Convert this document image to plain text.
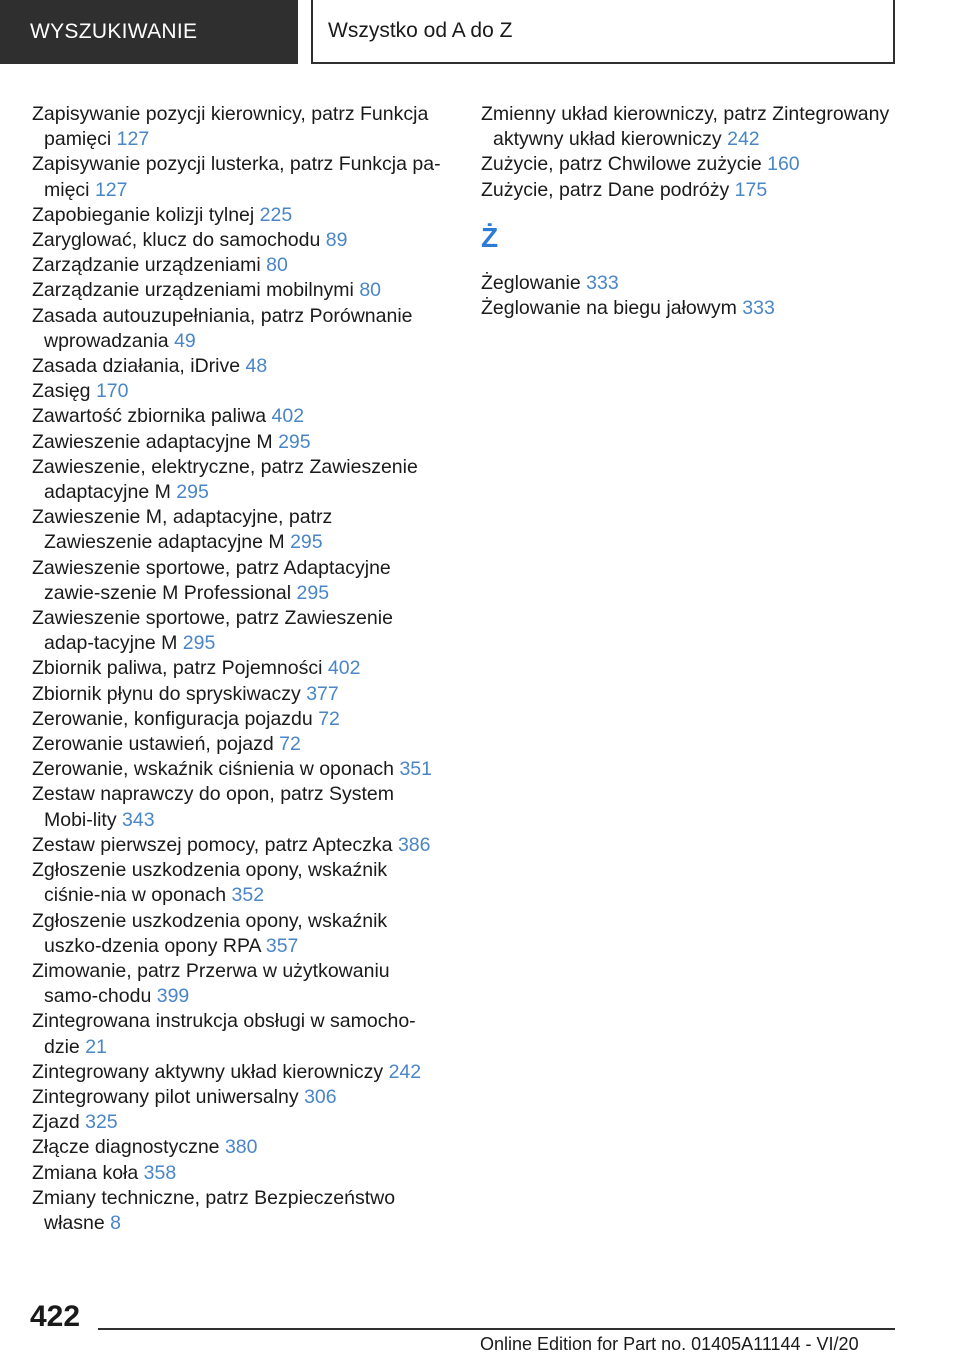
WYSZUKIWANIE	Wszystko od A do Z
Zapisywanie pozycji kierownicy, patrz Funkcja pamięci 127
Zapisywanie pozycji lusterka, patrz Funkcja pa-mięci 127
Zapobieganie kolizji tylnej 225
Zaryglować, klucz do samochodu 89
Zarządzanie urządzeniami 80
Zarządzanie urządzeniami mobilnymi 80
Zasada autouzupełniania, patrz Porównanie wprowadzania 49
Zasada działania, iDrive 48
Zasięg 170
Zawartość zbiornika paliwa 402
Zawieszenie adaptacyjne M 295
Zawieszenie, elektryczne, patrz Zawieszenie adaptacyjne M 295
Zawieszenie M, adaptacyjne, patrz Zawieszenie adaptacyjne M 295
Zawieszenie sportowe, patrz Adaptacyjne zawie-szenie M Professional 295
Zawieszenie sportowe, patrz Zawieszenie adap-tacyjne M 295
Zbiornik paliwa, patrz Pojemności 402
Zbiornik płynu do spryskiwaczy 377
Zerowanie, konfiguracja pojazdu 72
Zerowanie ustawień, pojazd 72
Zerowanie, wskaźnik ciśnienia w oponach 351
Zestaw naprawczy do opon, patrz System Mobi-lity 343
Zestaw pierwszej pomocy, patrz Apteczka 386
Zgłoszenie uszkodzenia opony, wskaźnik ciśnie-nia w oponach 352
Zgłoszenie uszkodzenia opony, wskaźnik uszko-dzenia opony RPA 357
Zimowanie, patrz Przerwa w użytkowaniu samo-chodu 399
Zintegrowana instrukcja obsługi w samocho-dzie 21
Zintegrowany aktywny układ kierowniczy 242
Zintegrowany pilot uniwersalny 306
Zjazd 325
Złącze diagnostyczne 380
Zmiana koła 358
Zmiany techniczne, patrz Bezpieczeństwo własne 8
Zmienny układ kierowniczy, patrz Zintegrowany aktywny układ kierowniczy 242
Zużycie, patrz Chwilowe zużycie 160
Zużycie, patrz Dane podróży 175
Ż
Żeglowanie 333
Żeglowanie na biegu jałowym 333
422
Online Edition for Part no. 01405A11144 - VI/20
